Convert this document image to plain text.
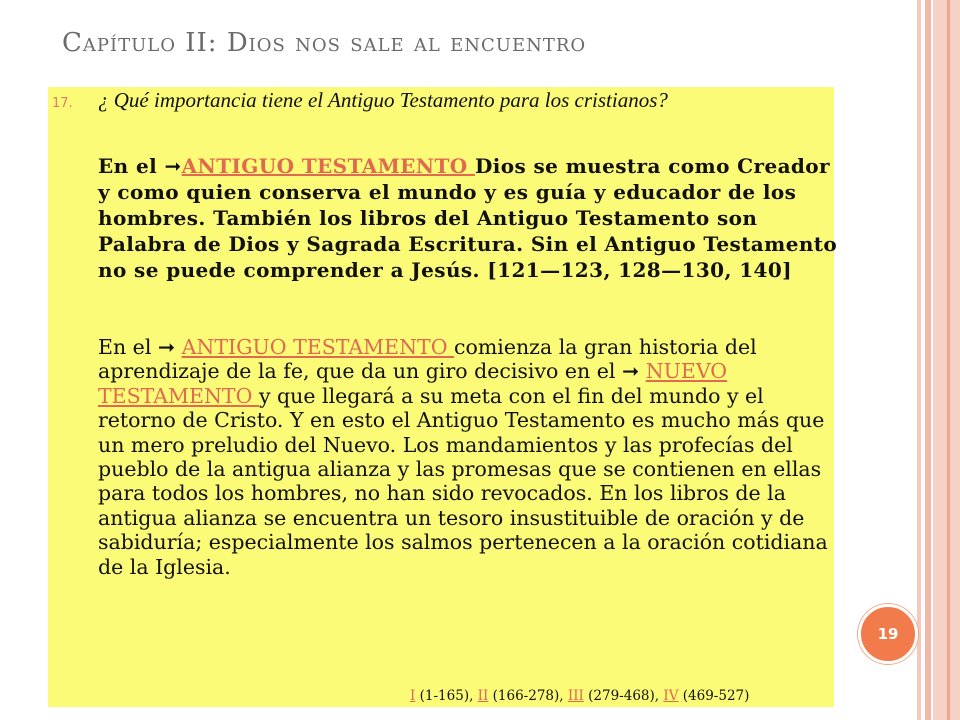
Capítulo II: Dios nos sale al encuentro
17. ¿ Qué importancia tiene el Antiguo Testamento para los cristianos?
En el ➞ANTIGUO TESTAMENTO Dios se muestra como Creador y como quien conserva el mundo y es guía y educador de los hombres. También los libros del Antiguo Testamento son Palabra de Dios y Sagrada Escritura. Sin el Antiguo Testamento no se puede comprender a Jesús. [121—123, 128—130, 140]
En el ➞ ANTIGUO TESTAMENTO comienza la gran historia del aprendizaje de la fe, que da un giro decisivo en el ➞ NUEVO TESTAMENTO y que llegará a su meta con el fin del mundo y el retorno de Cristo. Y en esto el Antiguo Testamento es mucho más que un mero preludio del Nuevo. Los mandamientos y las profecías del pueblo de la antigua alianza y las promesas que se contienen en ellas para todos los hombres, no han sido revocados. En los libros de la antigua alianza se encuentra un tesoro insustituible de oración y de sabiduría; especialmente los salmos pertenecen a la oración cotidiana de la Iglesia.
I (1-165), II (166-278), III (279-468), IV (469-527)
19
